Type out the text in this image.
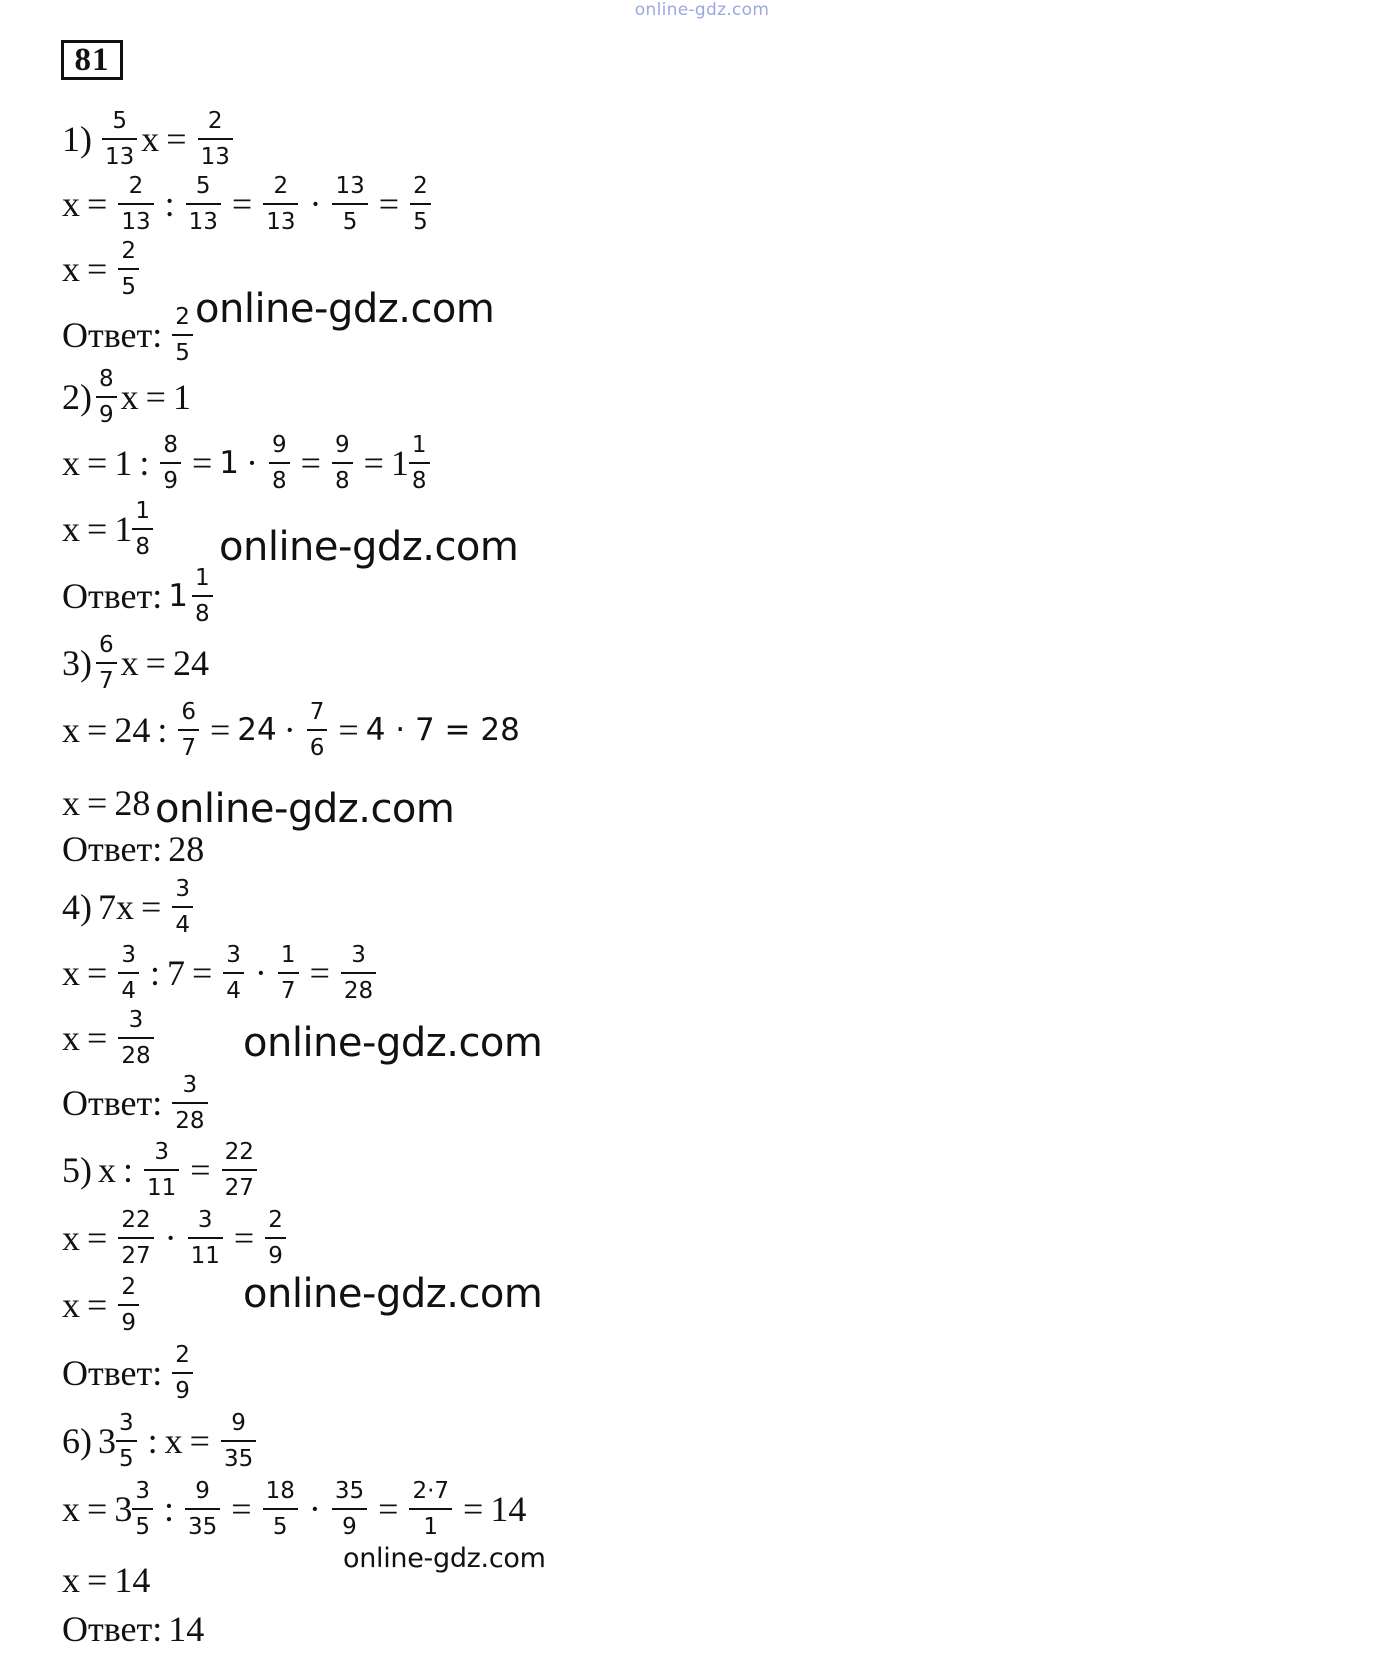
online-gdz.com
81
$1) \frac{5}{13}$ $x = \frac{2}{13}$
$x = \frac{2}{13}$ : $\frac{5}{13} = \frac{2}{13} \cdot \frac{13}{5} = \frac{2}{5}$
$x = \frac{2}{5}$
Ответ: $\frac{2}{5}$ online-gdz.com
$2) \frac{8}{9}$ x = 1
x = 1 : $\frac{8}{9} = 1 \cdot \frac{9}{8} = \frac{9}{8} = 1 \frac{1}{8}$
$x = 1 \frac{1}{8}$ online-gdz.com
Ответ: $1 \frac{1}{8}$
$3) \frac{6}{7}$ x = 24
x = 24 : $\frac{6}{7} = 24 \cdot \frac{7}{6} = 4 \cdot 7 = 28$
x = 28 online-gdz.com
Ответ: 28
4) $7x = \frac{3}{4}$
$x = \frac{3}{4}$ : $7 = \frac{3}{4} \cdot \frac{1}{7} = \frac{3}{28}$
$x = \frac{3}{28}$ online-gdz.com
Ответ: $\frac{3}{28}$
5) x : $\frac{3}{11} = \frac{22}{27}$
$x = \frac{22}{27} \cdot \frac{3}{11} = \frac{2}{9}$
$x = \frac{2}{9}$	online-gdz.com
Ответ: $\frac{2}{9}$
6) $3 \frac{3}{5}$ : $x = \frac{9}{35}$
$x = 3 \frac{3}{5}$ : $\frac{9}{35} = \frac{18}{5} \cdot \frac{35}{9} = \frac{2\cdot 7}{1} = 14$
online-gdz.com
x = 14
Ответ: 14
